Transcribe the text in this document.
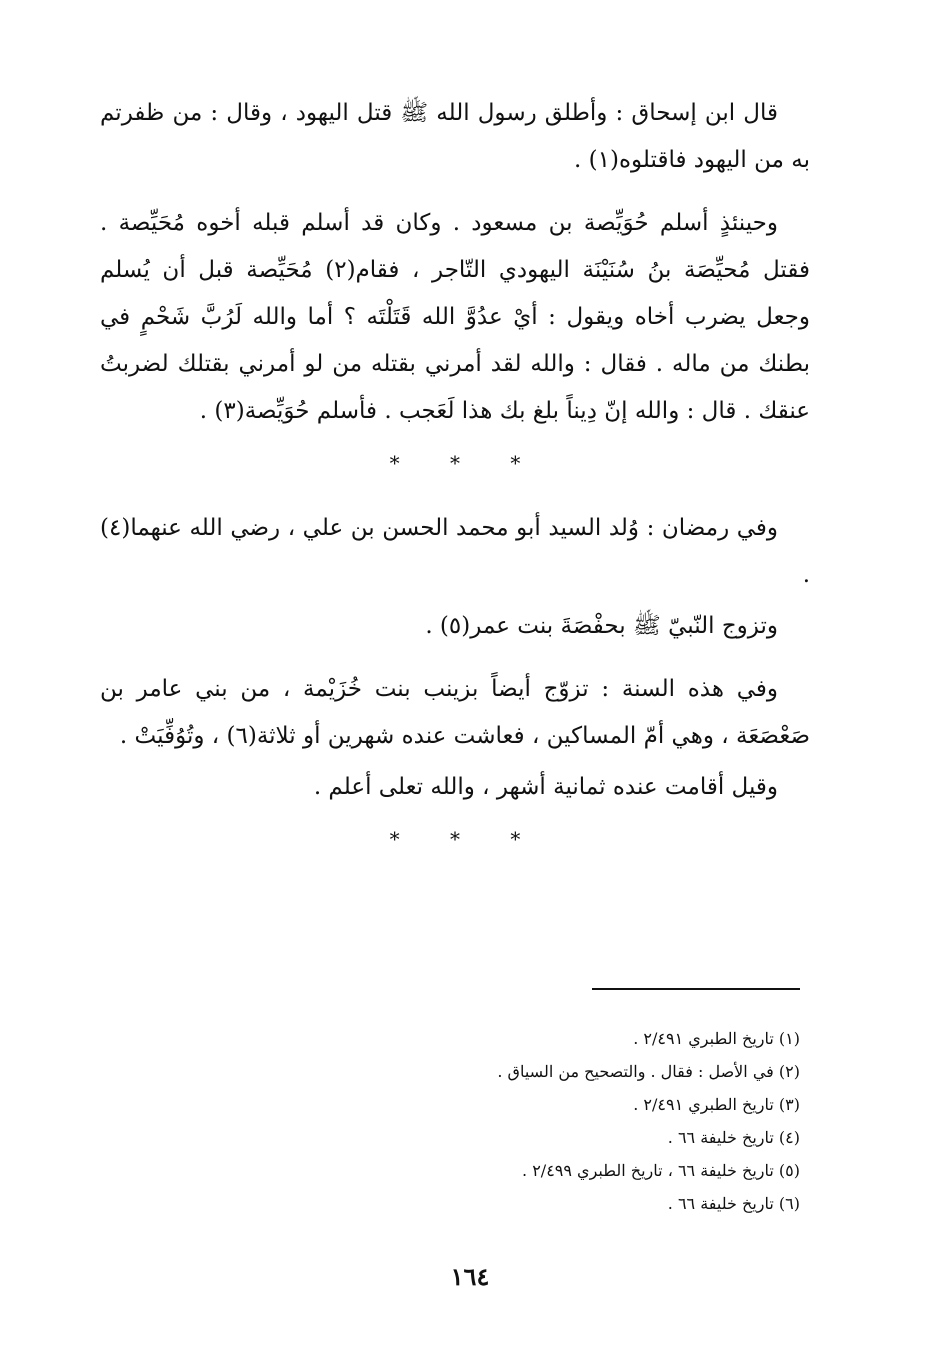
قال ابن إسحاق : وأطلق رسول الله ﷺ قتل اليهود ، وقال : من ظفرتم به من اليهود فاقتلوه(١) .

وحينئذٍ أسلم حُوَيِّصة بن مسعود . وكان قد أسلم قبله أخوه مُحَيِّصة . فقتل مُحيِّصَة بنُ سُنَيْنَة اليهودي التّاجر ، فقام(٢) مُحَيِّصة قبل أن يُسلم وجعل يضرب أخاه ويقول : أيْ عدُوَّ الله قَتَلْتَه ؟ أما والله لَرُبَّ شَحْمٍ في بطنك من ماله . فقال : والله لقد أمرني بقتله من لو أمرني بقتلك لضربتُ عنقك . قال : والله إنّ دِيناً بلغ بك هذا لَعَجب . فأسلم حُوَيِّصة(٣) .

* * *

وفي رمضان : وُلد السيد أبو محمد الحسن بن علي ، رضي الله عنهما(٤) .

وتزوج النّبيّ ﷺ بحفْصَةَ بنت عمر(٥) .

وفي هذه السنة : تزوّج أيضاً بزينب بنت خُزَيْمة ، من بني عامر بن صَعْصَعَة ، وهي أمّ المساكين ، فعاشت عنده شهرين أو ثلاثة(٦) ، وتُوُفِّيَتْ .

وقيل أقامت عنده ثمانية أشهر ، والله تعلى أعلم .

* * *

(١) تاريخ الطبري ٢/٤٩١ .

(٢) في الأصل : فقال . والتصحيح من السياق .

(٣) تاريخ الطبري ٢/٤٩١ .

(٤) تاريخ خليفة ٦٦ .

(٥) تاريخ خليفة ٦٦ ، تاريخ الطبري ٢/٤٩٩ .

(٦) تاريخ خليفة ٦٦ .

١٦٤
